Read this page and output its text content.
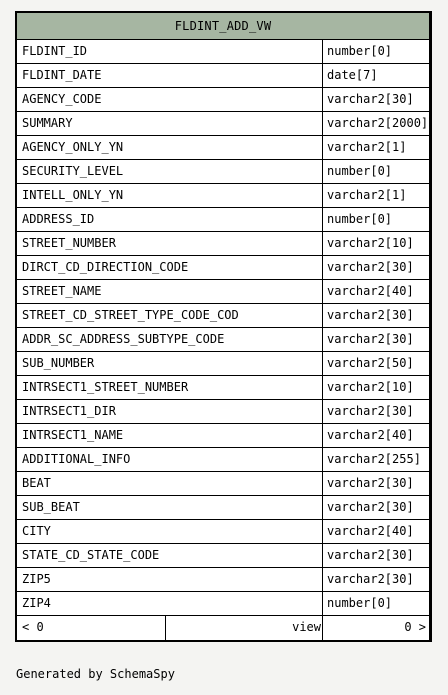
FLDINT_ADD_VW
FLDINT_ID	number[0]
FLDINT_DATE	date[7]
AGENCY_CODE	varchar2[30]
SUMMARY	varchar2[2000]
AGENCY_ONLY_YN	varchar2[1]
SECURITY_LEVEL	number[0]
INTELL_ONLY_YN	varchar2[1]
ADDRESS_ID	number[0]
STREET_NUMBER	varchar2[10]
DIRCT_CD_DIRECTION_CODE	varchar2[30]
STREET_NAME	varchar2[40]
STREET_CD_STREET_TYPE_CODE_COD	varchar2[30]
ADDR_SC_ADDRESS_SUBTYPE_CODE	varchar2[30]
SUB_NUMBER	varchar2[50]
INTRSECT1_STREET_NUMBER	varchar2[10]
INTRSECT1_DIR	varchar2[30]
INTRSECT1_NAME	varchar2[40]
ADDITIONAL_INFO	varchar2[255]
BEAT	varchar2[30]
SUB_BEAT	varchar2[30]
CITY	varchar2[40]
STATE_CD_STATE_CODE	varchar2[30]
ZIP5	varchar2[30]
ZIP4	number[0]
< 0	view	0 >
Generated by SchemaSpy
